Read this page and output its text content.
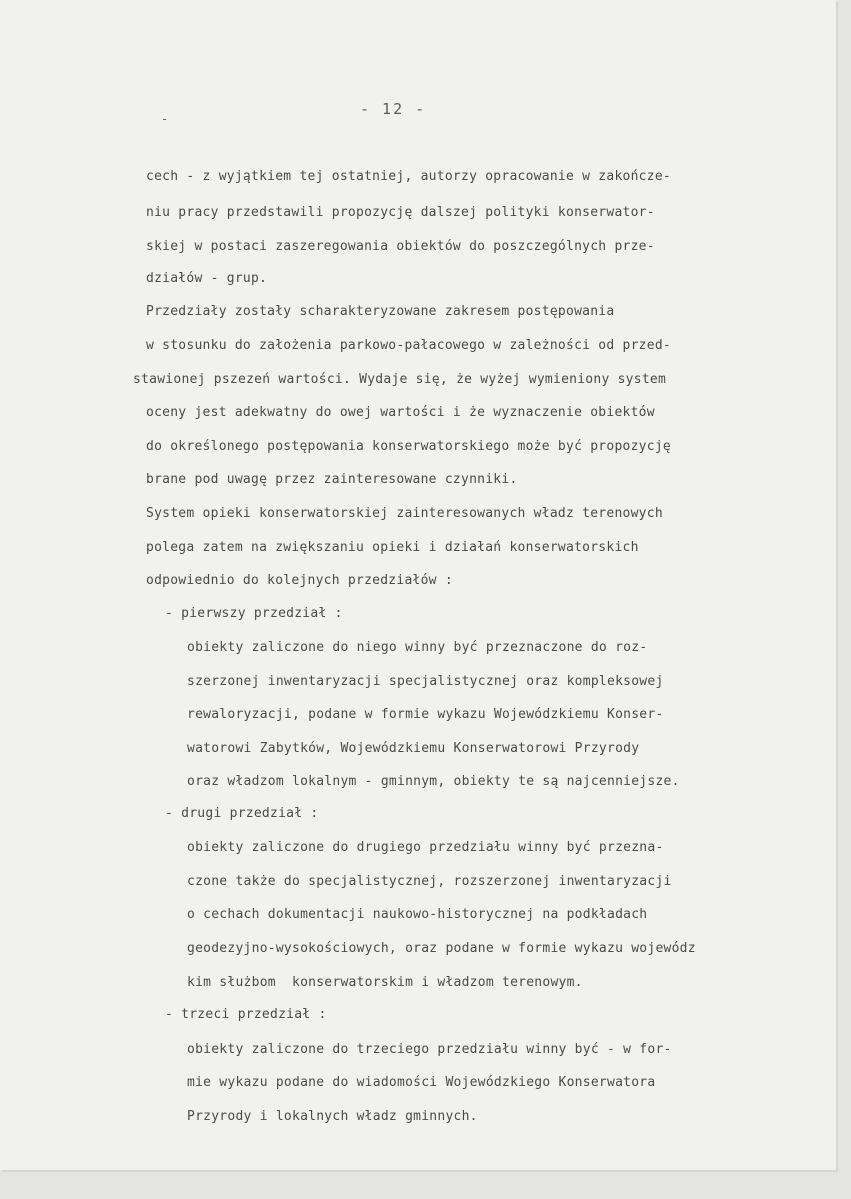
- 12 -
-
cech - z wyjątkiem tej ostatniej, autorzy opracowanie w zakończe-
niu pracy przedstawili propozycję dalszej polityki konserwator-
skiej w postaci zaszeregowania obiektów do poszczególnych prze-
działów - grup.
Przedziały zostały scharakteryzowane zakresem postępowania
w stosunku do założenia parkowo-pałacowego w zależności od przed-
stawionej pszezeń wartości. Wydaje się, że wyżej wymieniony system
oceny jest adekwatny do owej wartości i że wyznaczenie obiektów
do określonego postępowania konserwatorskiego może być propozycję
brane pod uwagę przez zainteresowane czynniki.
System opieki konserwatorskiej zainteresowanych władz terenowych
polega zatem na zwiększaniu opieki i działań konserwatorskich
odpowiednio do kolejnych przedziałów :
- pierwszy przedział :
obiekty zaliczone do niego winny być przeznaczone do roz-
szerzonej inwentaryzacji specjalistycznej oraz kompleksowej
rewaloryzacji, podane w formie wykazu Wojewódzkiemu Konser-
watorowi Zabytków, Wojewódzkiemu Konserwatorowi Przyrody
oraz władzom lokalnym - gminnym, obiekty te są najcenniejsze.
- drugi przedział :
obiekty zaliczone do drugiego przedziału winny być przezna-
czone także do specjalistycznej, rozszerzonej inwentaryzacji
o cechach dokumentacji naukowo-historycznej na podkładach
geodezyjno-wysokościowych, oraz podane w formie wykazu wojewódz
kim służbom  konserwatorskim i władzom terenowym.
- trzeci przedział :
obiekty zaliczone do trzeciego przedziału winny być - w for-
mie wykazu podane do wiadomości Wojewódzkiego Konserwatora
Przyrody i lokalnych władz gminnych.
